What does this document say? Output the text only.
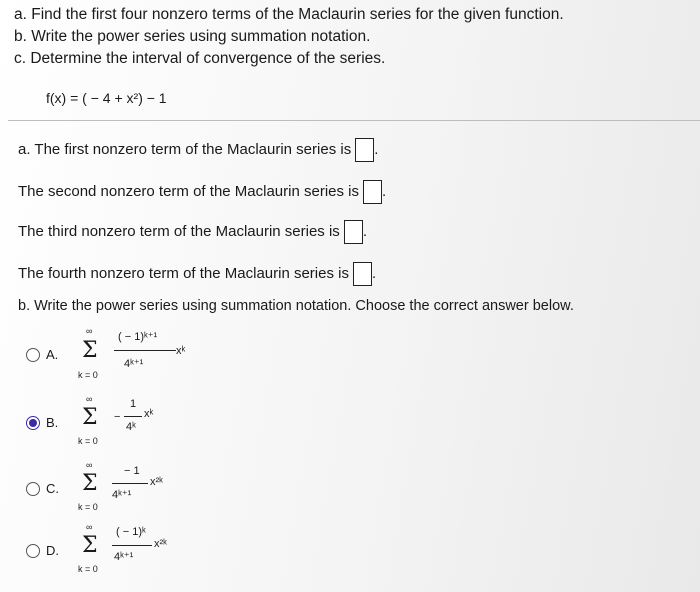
a. Find the first four nonzero terms of the Maclaurin series for the given function.
b. Write the power series using summation notation.
c. Determine the interval of convergence of the series.
f(x) = ( − 4 + x²) − 1
a. The first nonzero term of the Maclaurin series is .
The second nonzero term of the Maclaurin series is .
The third nonzero term of the Maclaurin series is .
The fourth nonzero term of the Maclaurin series is .
b. Write the power series using summation notation. Choose the correct answer below.
A.
∞
Σ
k = 0
( − 1)ᵏ⁺¹
4ᵏ⁺¹
xᵏ
B.
∞
Σ
k = 0
−
1
4ᵏ
xᵏ
C.
∞
Σ
k = 0
− 1
4ᵏ⁺¹
x²ᵏ
D.
∞
Σ
k = 0
( − 1)ᵏ
4ᵏ⁺¹
x²ᵏ
